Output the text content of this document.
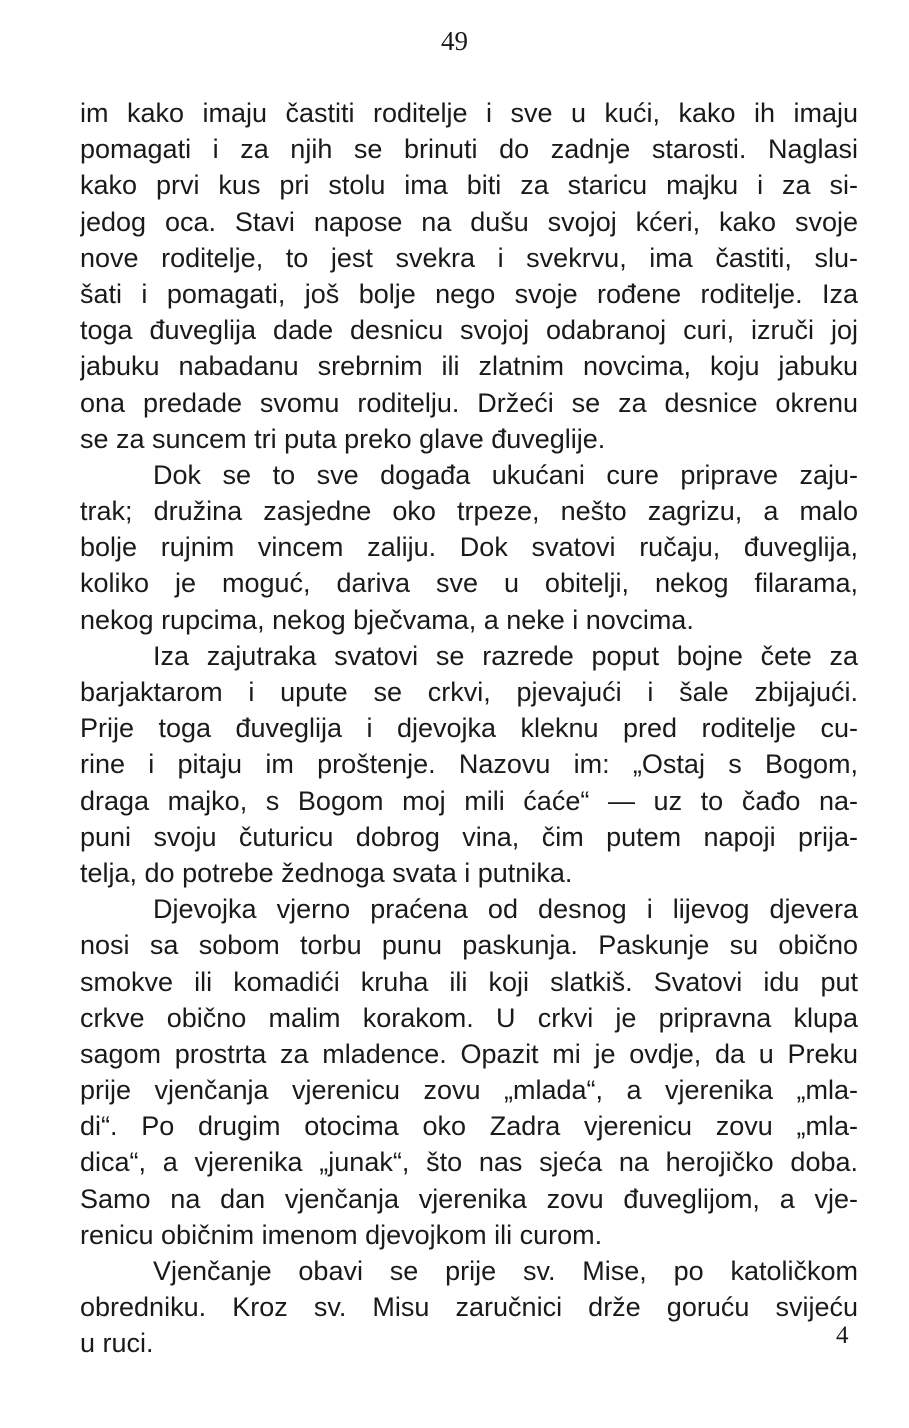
49
im kako imaju častiti roditelje i sve u kući, kako ih imaju
pomagati i za njih se brinuti do zadnje starosti. Naglasi
kako prvi kus pri stolu ima biti za staricu majku i za si-
jedog oca. Stavi napose na dušu svojoj kćeri, kako svoje
nove roditelje, to jest svekra i svekrvu, ima častiti, slu-
šati i pomagati, još bolje nego svoje rođene roditelje. Iza
toga đuveglija dade desnicu svojoj odabranoj curi, izruči joj
jabuku nabadanu srebrnim ili zlatnim novcima, koju jabuku
ona predade svomu roditelju. Držeći se za desnice okrenu
se za suncem tri puta preko glave đuveglije.
Dok se to sve događa ukućani cure priprave zaju-
trak; družina zasjedne oko trpeze, nešto zagrizu, a malo
bolje rujnim vincem zaliju. Dok svatovi ručaju, đuveglija,
koliko je moguć, dariva sve u obitelji, nekog filarama,
nekog rupcima, nekog bječvama, a neke i novcima.
Iza zajutraka svatovi se razrede poput bojne čete za
barjaktarom i upute se crkvi, pjevajući i šale zbijajući.
Prije toga đuveglija i djevojka kleknu pred roditelje cu-
rine i pitaju im proštenje. Nazovu im: „Ostaj s Bogom,
draga majko, s Bogom moj mili ćaće“ — uz to čađo na-
puni svoju čuturicu dobrog vina, čim putem napoji prija-
telja, do potrebe žednoga svata i putnika.
Djevojka vjerno praćena od desnog i lijevog djevera
nosi sa sobom torbu punu paskunja. Paskunje su obično
smokve ili komadići kruha ili koji slatkiš. Svatovi idu put
crkve obično malim korakom. U crkvi je pripravna klupa
sagom prostrta za mladence. Opazit mi je ovdje, da u Preku
prije vjenčanja vjerenicu zovu „mlada“, a vjerenika „mla-
di“. Po drugim otocima oko Zadra vjerenicu zovu „mla-
dica“, a vjerenika „junak“, što nas sjeća na herojičko doba.
Samo na dan vjenčanja vjerenika zovu đuveglijom, a vje-
renicu običnim imenom djevojkom ili curom.
Vjenčanje obavi se prije sv. Mise, po katoličkom
obredniku. Kroz sv. Misu zaručnici drže goruću svijeću
u ruci.	4
